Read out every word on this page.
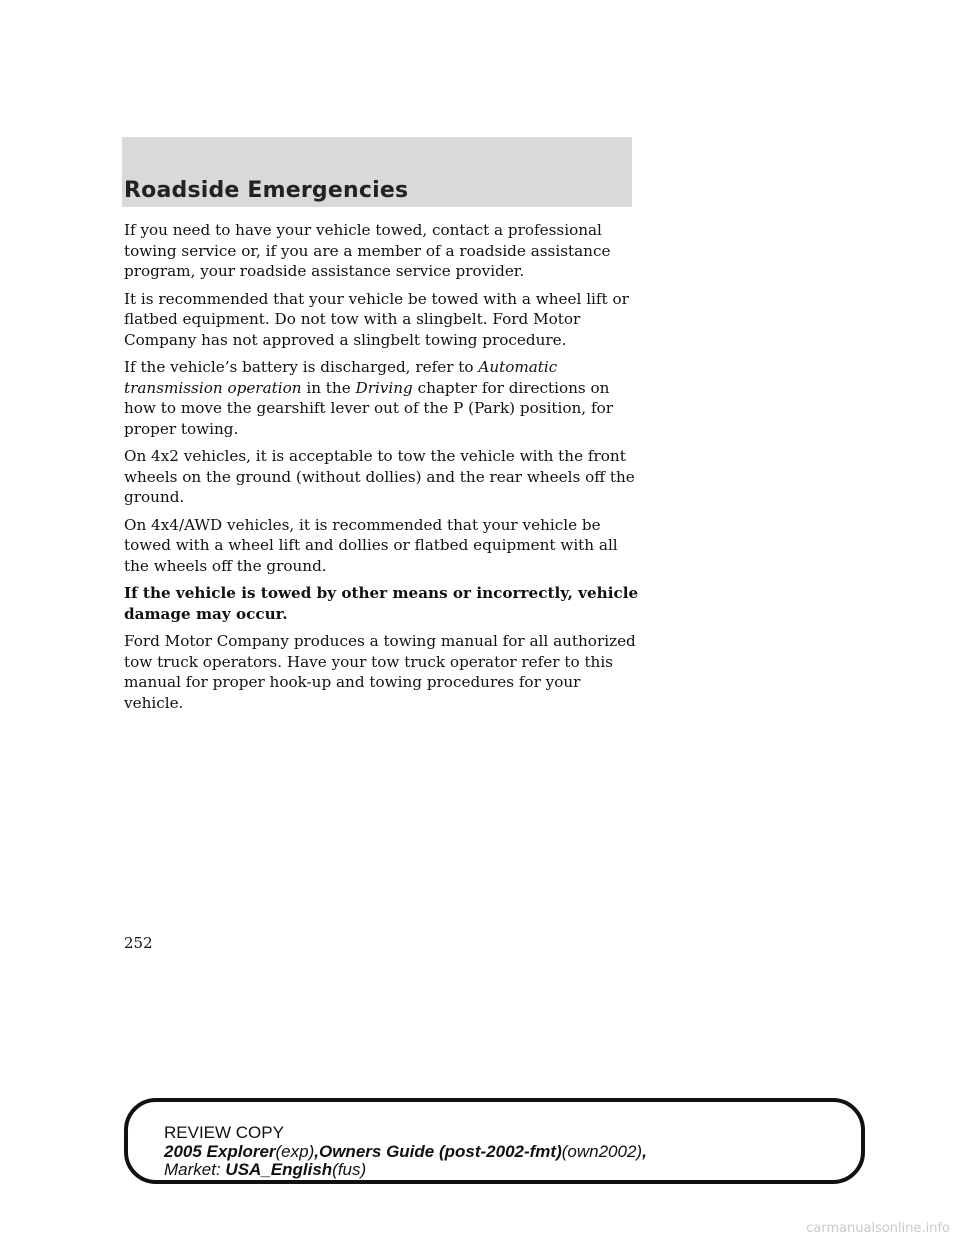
Roadside Emergencies

If you need to have your vehicle towed, contact a professional towing service or, if you are a member of a roadside assistance program, your roadside assistance service provider.

It is recommended that your vehicle be towed with a wheel lift or flatbed equipment. Do not tow with a slingbelt. Ford Motor Company has not approved a slingbelt towing procedure.

If the vehicle’s battery is discharged, refer to Automatic transmission operation in the Driving chapter for directions on how to move the gearshift lever out of the P (Park) position, for proper towing.

On 4x2 vehicles, it is acceptable to tow the vehicle with the front wheels on the ground (without dollies) and the rear wheels off the ground.

On 4x4/AWD vehicles, it is recommended that your vehicle be towed with a wheel lift and dollies or flatbed equipment with all the wheels off the ground.

If the vehicle is towed by other means or incorrectly, vehicle damage may occur.

Ford Motor Company produces a towing manual for all authorized tow truck operators. Have your tow truck operator refer to this manual for proper hook-up and towing procedures for your vehicle.

252
REVIEW COPY
2005 Explorer(exp),Owners Guide (post-2002-fmt)(own2002),
Market: USA_English(fus)
carmanualsonline.info
